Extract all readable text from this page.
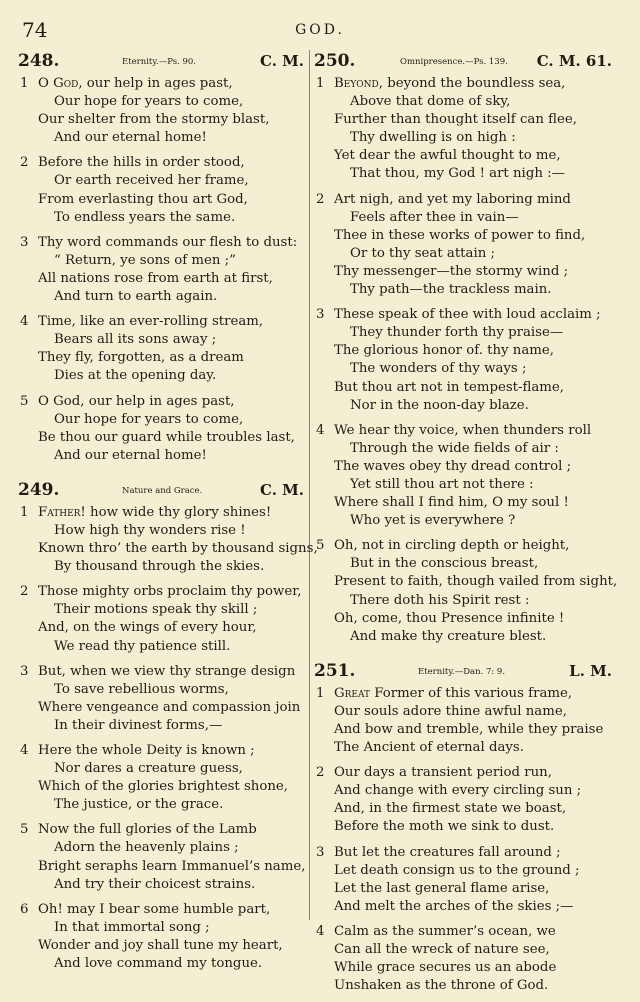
74	GOD.
248.	Eternity.—Ps. 90.	C. M.
1 O God, our help in ages past,
Our hope for years to come,
Our shelter from the stormy blast,
And our eternal home!
2 Before the hills in order stood,
Or earth received her frame,
From everlasting thou art God,
To endless years the same.
3 Thy word commands our flesh to dust:
“ Return, ye sons of men ;”
All nations rose from earth at first,
And turn to earth again.
4 Time, like an ever-rolling stream,
Bears all its sons away ;
They fly, forgotten, as a dream
Dies at the opening day.
5 O God, our help in ages past,
Our hope for years to come,
Be thou our guard while troubles last,
And our eternal home!
249.	Nature and Grace.	C. M.
1 Father! how wide thy glory shines!
How high thy wonders rise !
Known thro’ the earth by thousand signs,
By thousand through the skies.
2 Those mighty orbs proclaim thy power,
Their motions speak thy skill ;
And, on the wings of every hour,
We read thy patience still.
3 But, when we view thy strange design
To save rebellious worms,
Where vengeance and compassion join
In their divinest forms,—
4 Here the whole Deity is known ;
Nor dares a creature guess,
Which of the glories brightest shone,
The justice, or the grace.
5 Now the full glories of the Lamb
Adorn the heavenly plains ;
Bright seraphs learn Immanuel’s name,
And try their choicest strains.
6 Oh! may I bear some humble part,
In that immortal song ;
Wonder and joy shall tune my heart,
And love command my tongue.
250.	Omnipresence.—Ps. 139. C. M. 61.
1 Beyond, beyond the boundless sea,
Above that dome of sky,
Further than thought itself can flee,
Thy dwelling is on high :
Yet dear the awful thought to me,
That thou, my God ! art nigh :—
2 Art nigh, and yet my laboring mind
Feels after thee in vain—
Thee in these works of power to find,
Or to thy seat attain ;
Thy messenger—the stormy wind ;
Thy path—the trackless main.
3 These speak of thee with loud acclaim ;
They thunder forth thy praise—
The glorious honor of. thy name,
The wonders of thy ways ;
But thou art not in tempest-flame,
Nor in the noon-day blaze.
4 We hear thy voice, when thunders roll
Through the wide fields of air :
The waves obey thy dread control ;
Yet still thou art not there :
Where shall I find him, O my soul !
Who yet is everywhere ?
5 Oh, not in circling depth or height,
But in the conscious breast,
Present to faith, though vailed from sight,
There doth his Spirit rest :
Oh, come, thou Presence infinite !
And make thy creature blest.
251.	Eternity.—Dan. 7: 9.	L. M.
1 Great Former of this various frame,
Our souls adore thine awful name,
And bow and tremble, while they praise
The Ancient of eternal days.
2 Our days a transient period run,
And change with every circling sun ;
And, in the firmest state we boast,
Before the moth we sink to dust.
3 But let the creatures fall around ;
Let death consign us to the ground ;
Let the last general flame arise,
And melt the arches of the skies ;—
4 Calm as the summer’s ocean, we
Can all the wreck of nature see,
While grace secures us an abode
Unshaken as the throne of God.
